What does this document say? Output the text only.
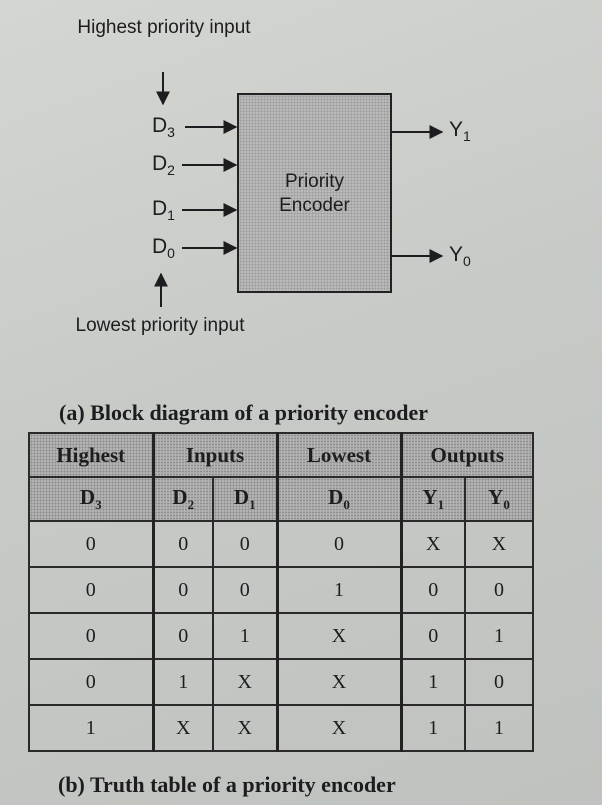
Highest priority input
Lowest priority input
$D_3$
$D_2$
$D_1$
$D_0$
Priority
Encoder
$Y_1$
$Y_0$
(a) Block diagram of a priority encoder
Highest	Inputs		Lowest	Outputs	
$D_3$	$D_2$	$D_1$	$D_0$	$Y_1$	$Y_0$
0	0	0	0	X	X
0	0	0	1	0	0
0	0	1	X	0	1
0	1	X	X	1	0
1	X	X	X	1	1
(b) Truth table of a priority encoder
